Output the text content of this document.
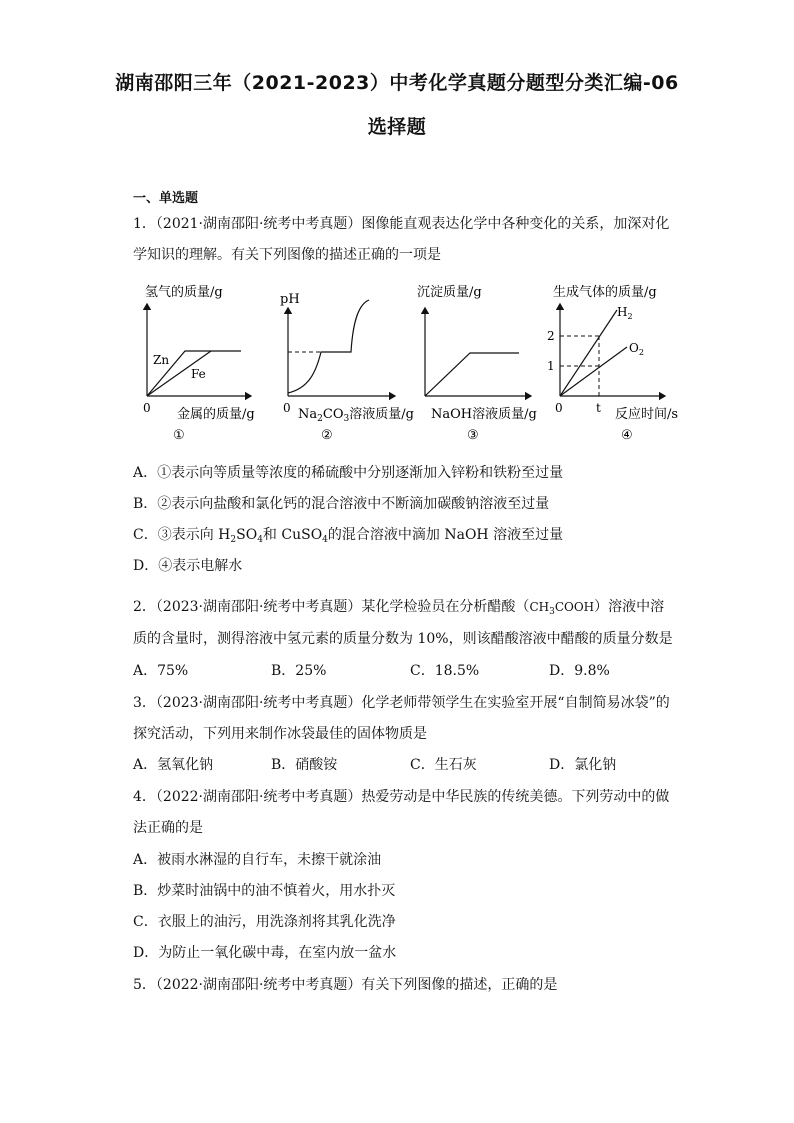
湖南邵阳三年（2021-2023）中考化学真题分题型分类汇编-06
选择题
一、单选题
1．（2021·湖南邵阳·统考中考真题）图像能直观表达化学中各种变化的关系，加深对化
学知识的理解。有关下列图像的描述正确的一项是
氢气的质量/g
Zn
Fe
0 金属的质量/g
①
pH
0 $Na_2CO_3$溶液质量/g
②
沉淀质量/g
NaOH溶液质量/g
③
生成气体的质量/g
$H_2$
$O_2$
2
1
0	t 反应时间/s
④
A．①表示向等质量等浓度的稀硫酸中分别逐渐加入锌粉和铁粉至过量
B．②表示向盐酸和氯化钙的混合溶液中不断滴加碳酸钠溶液至过量
C．③表示向 $H_2SO_4$和 CuSO$_4$的混合溶液中滴加 NaOH 溶液至过量
D．④表示电解水
2．（2023·湖南邵阳·统考中考真题）某化学检验员在分析醋酸$(CH_3COOH)$溶液中溶
质的含量时，测得溶液中氢元素的质量分数为 10%，则该醋酸溶液中醋酸的质量分数是
A．75%	B．25%	C．18.5%	D．9.8%
3．（2023·湖南邵阳·统考中考真题）化学老师带领学生在实验室开展“自制简易冰袋”的
探究活动，下列用来制作冰袋最佳的固体物质是
A．氢氧化钠	B．硝酸铵	C．生石灰	D．氯化钠
4．（2022·湖南邵阳·统考中考真题）热爱劳动是中华民族的传统美德。下列劳动中的做
法正确的是
A．被雨水淋湿的自行车，未擦干就涂油
B．炒菜时油锅中的油不慎着火，用水扑灭
C．衣服上的油污，用洗涤剂将其乳化洗净
D．为防止一氧化碳中毒，在室内放一盆水
5．（2022·湖南邵阳·统考中考真题）有关下列图像的描述，正确的是
